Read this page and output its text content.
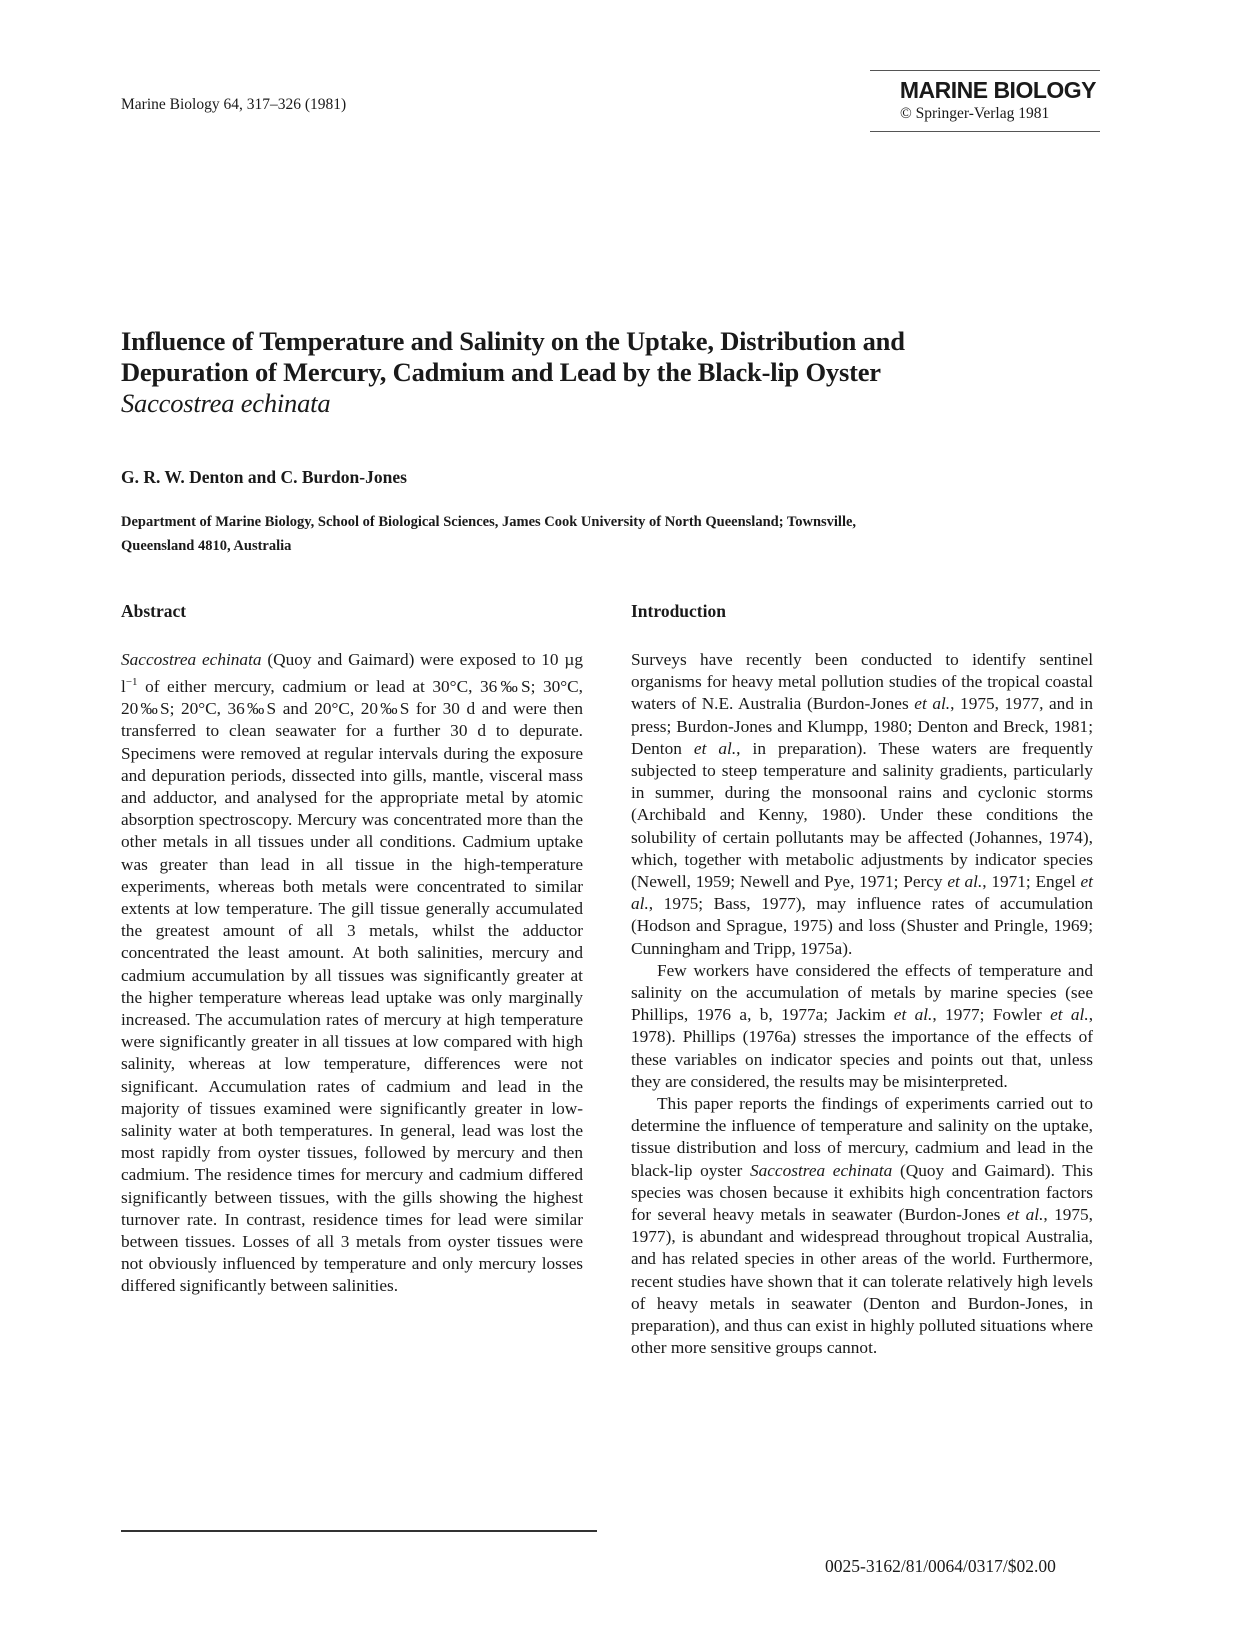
Marine Biology 64, 317–326 (1981)
MARINE BIOLOGY
© Springer-Verlag 1981
Influence of Temperature and Salinity on the Uptake, Distribution and
Depuration of Mercury, Cadmium and Lead by the Black-lip Oyster
Saccostrea echinata
G. R. W. Denton and C. Burdon-Jones
Department of Marine Biology, School of Biological Sciences, James Cook University of North Queensland; Townsville,
Queensland 4810, Australia
Abstract

Saccostrea echinata (Quoy and Gaimard) were exposed to 10 µg $l^{-1}$ of either mercury, cadmium or lead at 30°C, 36‰S; 30°C, 20‰S; 20°C, 36‰S and 20°C, 20‰S for 30 d and were then transferred to clean seawater for a further 30 d to depurate. Specimens were removed at regular intervals during the exposure and depuration periods, dissected into gills, mantle, visceral mass and adductor, and analysed for the appropriate metal by atomic absorption spectroscopy. Mercury was concentrated more than the other metals in all tissues under all conditions. Cadmium uptake was greater than lead in all tissue in the high-temperature experiments, whereas both metals were concentrated to similar extents at low temperature. The gill tissue generally accumulated the greatest amount of all 3 metals, whilst the adductor concentrated the least amount. At both salinities, mercury and cadmium accumulation by all tissues was significantly greater at the higher temperature whereas lead uptake was only marginally increased. The accumulation rates of mercury at high temperature were significantly greater in all tissues at low compared with high salinity, whereas at low temperature, differences were not significant. Accumulation rates of cadmium and lead in the majority of tissues examined were significantly greater in low-salinity water at both temperatures. In general, lead was lost the most rapidly from oyster tissues, followed by mercury and then cadmium. The residence times for mercury and cadmium differed significantly between tissues, with the gills showing the highest turnover rate. In contrast, residence times for lead were similar between tissues. Losses of all 3 metals from oyster tissues were not obviously influenced by temperature and only mercury losses differed significantly between salinities.

Introduction

Surveys have recently been conducted to identify sentinel organisms for heavy metal pollution studies of the tropical coastal waters of N.E. Australia (Burdon-Jones et al., 1975, 1977, and in press; Burdon-Jones and Klumpp, 1980; Denton and Breck, 1981; Denton et al., in preparation). These waters are frequently subjected to steep temperature and salinity gradients, particularly in summer, during the monsoonal rains and cyclonic storms (Archibald and Kenny, 1980). Under these conditions the solubility of certain pollutants may be affected (Johannes, 1974), which, together with metabolic adjustments by indicator species (Newell, 1959; Newell and Pye, 1971; Percy et al., 1971; Engel et al., 1975; Bass, 1977), may influence rates of accumulation (Hodson and Sprague, 1975) and loss (Shuster and Pringle, 1969; Cunningham and Tripp, 1975a).

Few workers have considered the effects of temperature and salinity on the accumulation of metals by marine species (see Phillips, 1976 a, b, 1977a; Jackim et al., 1977; Fowler et al., 1978). Phillips (1976a) stresses the importance of the effects of these variables on indicator species and points out that, unless they are considered, the results may be misinterpreted.

This paper reports the findings of experiments carried out to determine the influence of temperature and salinity on the uptake, tissue distribution and loss of mercury, cadmium and lead in the black-lip oyster Saccostrea echinata (Quoy and Gaimard). This species was chosen because it exhibits high concentration factors for several heavy metals in seawater (Burdon-Jones et al., 1975, 1977), is abundant and widespread throughout tropical Australia, and has related species in other areas of the world. Furthermore, recent studies have shown that it can tolerate relatively high levels of heavy metals in seawater (Denton and Burdon-Jones, in preparation), and thus can exist in highly polluted situations where other more sensitive groups cannot.

0025-3162/81/0064/0317/$02.00
